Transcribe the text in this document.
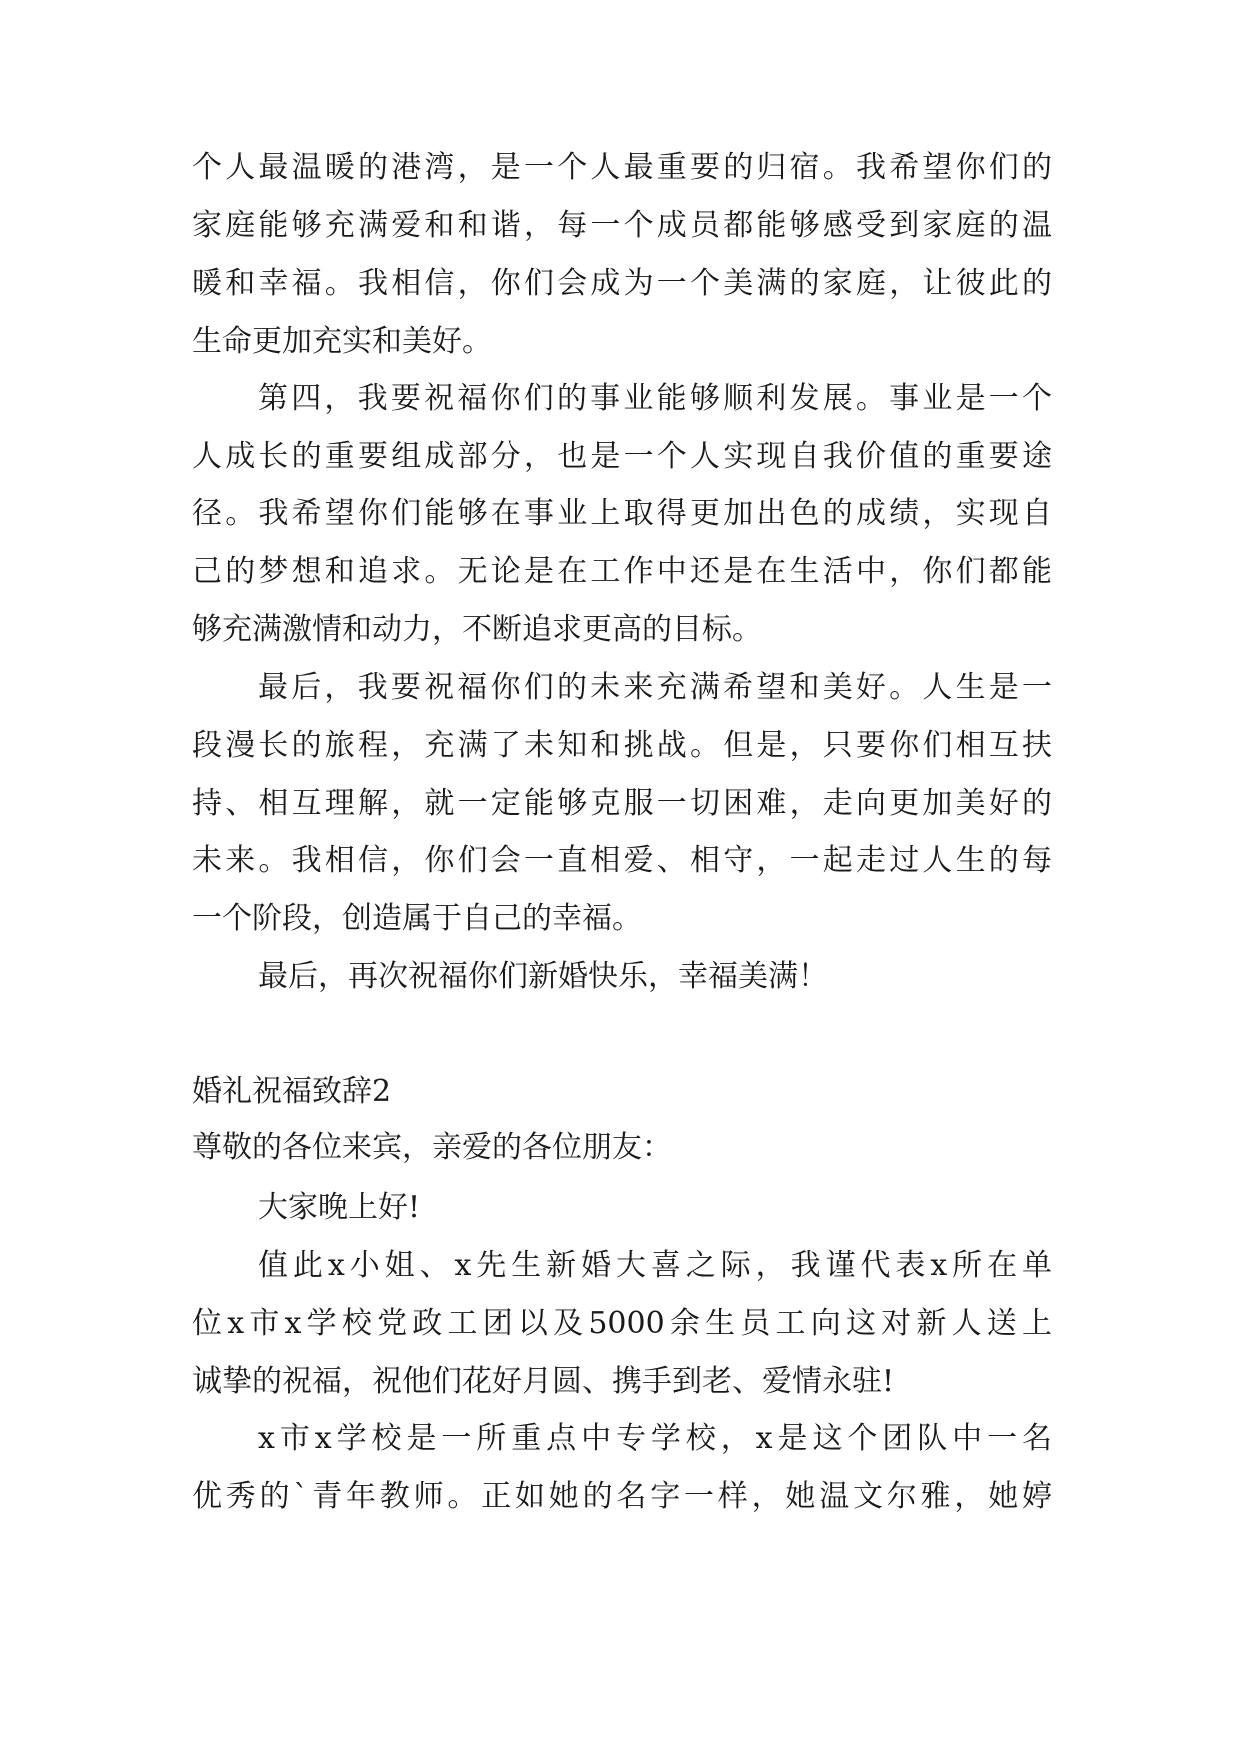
个人最温暖的港湾，是一个人最重要的归宿。我希望你们的

家庭能够充满爱和和谐，每一个成员都能够感受到家庭的温

暖和幸福。我相信，你们会成为一个美满的家庭，让彼此的

生命更加充实和美好。

第四，我要祝福你们的事业能够顺利发展。事业是一个

人成长的重要组成部分，也是一个人实现自我价值的重要途

径。我希望你们能够在事业上取得更加出色的成绩，实现自

己的梦想和追求。无论是在工作中还是在生活中，你们都能

够充满激情和动力，不断追求更高的目标。

最后，我要祝福你们的未来充满希望和美好。人生是一

段漫长的旅程，充满了未知和挑战。但是，只要你们相互扶

持、相互理解，就一定能够克服一切困难，走向更加美好的

未来。我相信，你们会一直相爱、相守，一起走过人生的每

一个阶段，创造属于自己的幸福。

最后，再次祝福你们新婚快乐，幸福美满！

婚礼祝福致辞2

尊敬的各位来宾，亲爱的各位朋友：

大家晚上好!

值此x小姐、x先生新婚大喜之际，我谨代表x所在单

位x市x学校党政工团以及5000余生员工向这对新人送上

诚挚的祝福，祝他们花好月圆、携手到老、爱情永驻!

x市x学校是一所重点中专学校，x是这个团队中一名

优秀的`青年教师。正如她的名字一样，她温文尔雅，她婷
